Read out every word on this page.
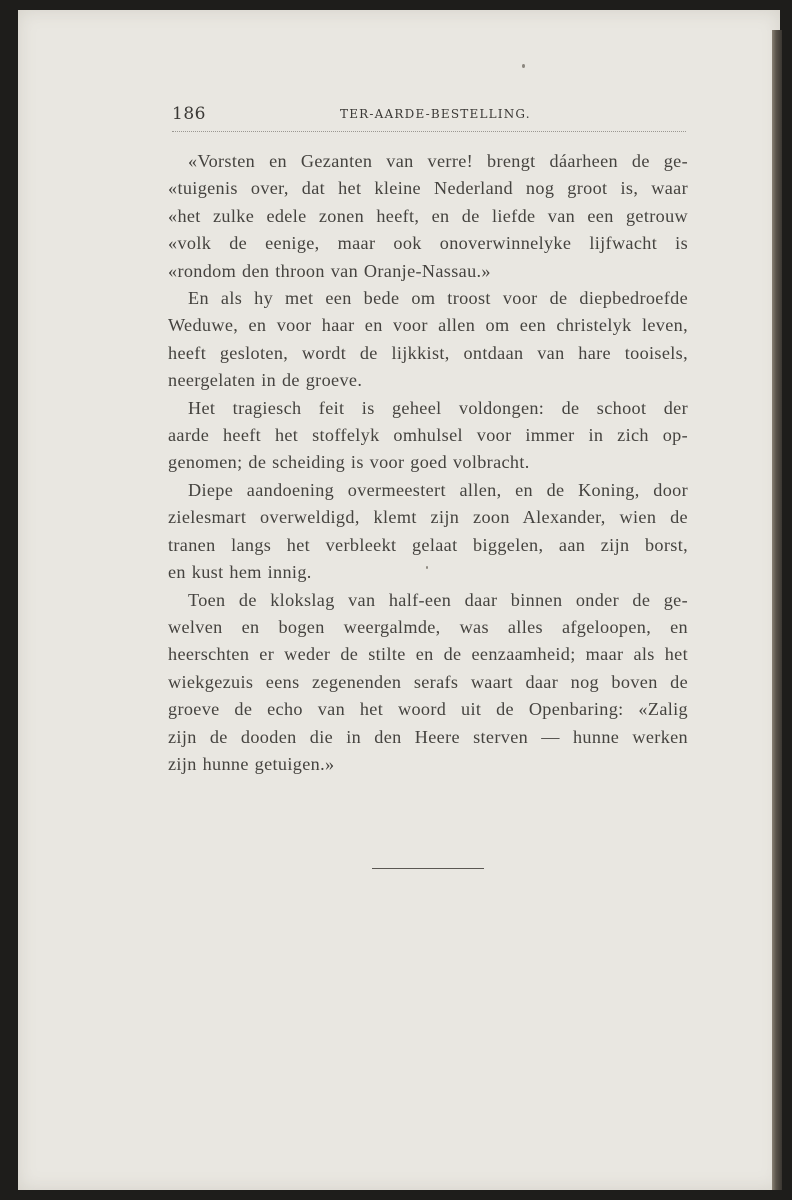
186	TER-AARDE-BESTELLING.

«Vorsten en Gezanten van verre! brengt dáarheen de ge-
«tuigenis over, dat het kleine Nederland nog groot is, waar
«het zulke edele zonen heeft, en de liefde van een getrouw
«volk de eenige, maar ook onoverwinnelyke lijfwacht is
«rondom den throon van Oranje-Nassau.»

En als hy met een bede om troost voor de diepbedroefde
Weduwe, en voor haar en voor allen om een christelyk leven,
heeft gesloten, wordt de lijkkist, ontdaan van hare tooisels,
neergelaten in de groeve.

Het tragiesch feit is geheel voldongen: de schoot der
aarde heeft het stoffelyk omhulsel voor immer in zich op-
genomen; de scheiding is voor goed volbracht.

Diepe aandoening overmeestert allen, en de Koning, door
zielesmart overweldigd, klemt zijn zoon Alexander, wien de
tranen langs het verbleekt gelaat biggelen, aan zijn borst,
en kust hem innig.

Toen de klokslag van half-een daar binnen onder de ge-
welven en bogen weergalmde, was alles afgeloopen, en
heerschten er weder de stilte en de eenzaamheid; maar als het
wiekgezuis eens zegenenden serafs waart daar nog boven de
groeve de echo van het woord uit de Openbaring: «Zalig
zijn de dooden die in den Heere sterven — hunne werken
zijn hunne getuigen.»
